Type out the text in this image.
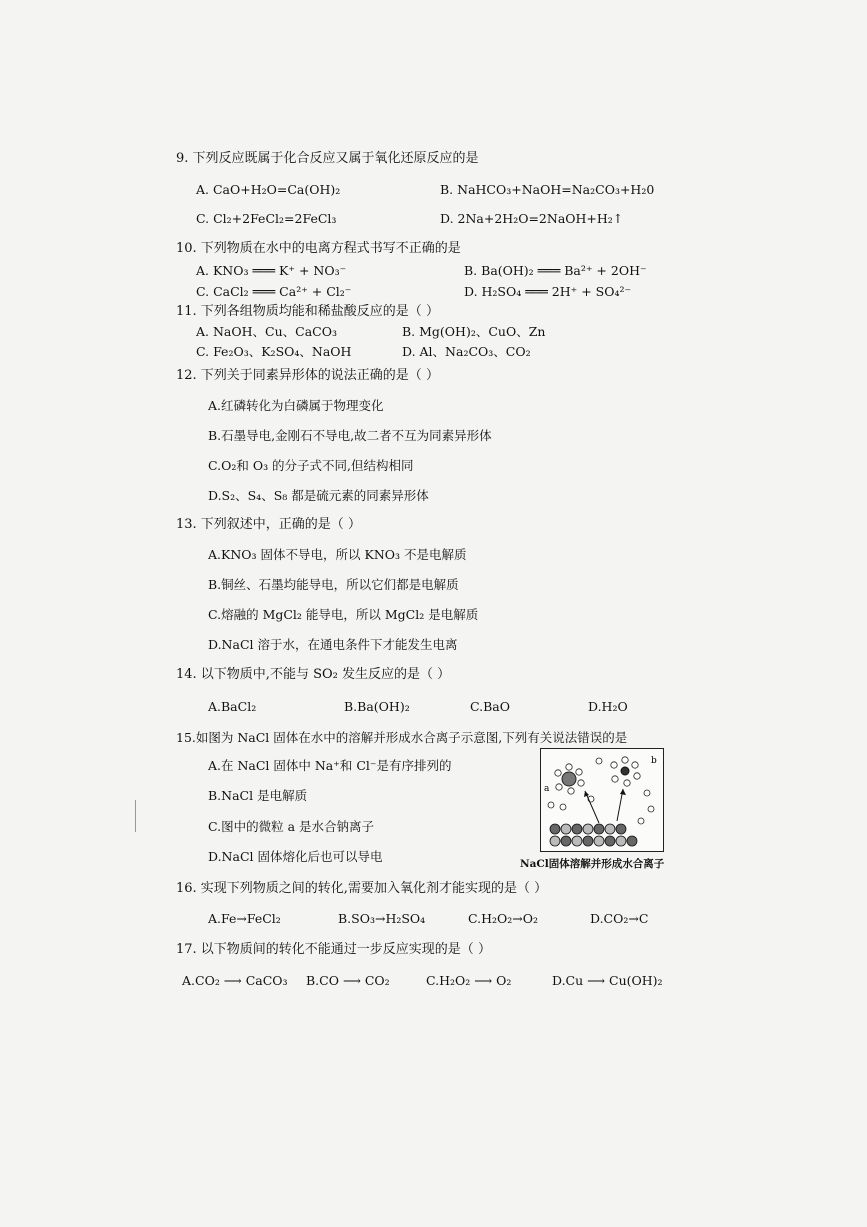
9. 下列反应既属于化合反应又属于氧化还原反应的是
A. CaO+H₂O=Ca(OH)₂	B. NaHCO₃+NaOH=Na₂CO₃+H₂0
C. Cl₂+2FeCl₂=2FeCl₃	D. 2Na+2H₂O=2NaOH+H₂↑
10. 下列物质在水中的电离方程式书写不正确的是
A. KNO₃ ═══ K⁺ + NO₃⁻	B. Ba(OH)₂ ═══ Ba²⁺ + 2OH⁻
C. CaCl₂ ═══ Ca²⁺ + Cl₂⁻	D. H₂SO₄ ═══ 2H⁺ + SO₄²⁻
11. 下列各组物质均能和稀盐酸反应的是（ ）
A. NaOH、Cu、CaCO₃	B. Mg(OH)₂、CuO、Zn
C. Fe₂O₃、K₂SO₄、NaOH	D. Al、Na₂CO₃、CO₂
12. 下列关于同素异形体的说法正确的是（ ）
A.红磷转化为白磷属于物理变化
B.石墨导电,金刚石不导电,故二者不互为同素异形体
C.O₂和 O₃ 的分子式不同,但结构相同
D.S₂、S₄、S₈ 都是硫元素的同素异形体
13. 下列叙述中，正确的是（ ）
A.KNO₃ 固体不导电，所以 KNO₃ 不是电解质
B.铜丝、石墨均能导电，所以它们都是电解质
C.熔融的 MgCl₂ 能导电，所以 MgCl₂ 是电解质
D.NaCl 溶于水，在通电条件下才能发生电离
14. 以下物质中,不能与 SO₂ 发生反应的是（ ）
A.BaCl₂	B.Ba(OH)₂	C.BaO	D.H₂O
15.如图为 NaCl 固体在水中的溶解并形成水合离子示意图,下列有关说法错误的是
A.在 NaCl 固体中 Na⁺和 Cl⁻是有序排列的
B.NaCl 是电解质
C.图中的微粒 a 是水合钠离子
D.NaCl 固体熔化后也可以导电
a
b
NaCl固体溶解并形成水合离子
16. 实现下列物质之间的转化,需要加入氧化剂才能实现的是（ ）
A.Fe→FeCl₂	B.SO₃→H₂SO₄	C.H₂O₂→O₂	D.CO₂→C
17. 以下物质间的转化不能通过一步反应实现的是（ ）
A.CO₂ ⟶ CaCO₃ B.CO ⟶ CO₂	C.H₂O₂ ⟶ O₂	D.Cu ⟶ Cu(OH)₂
